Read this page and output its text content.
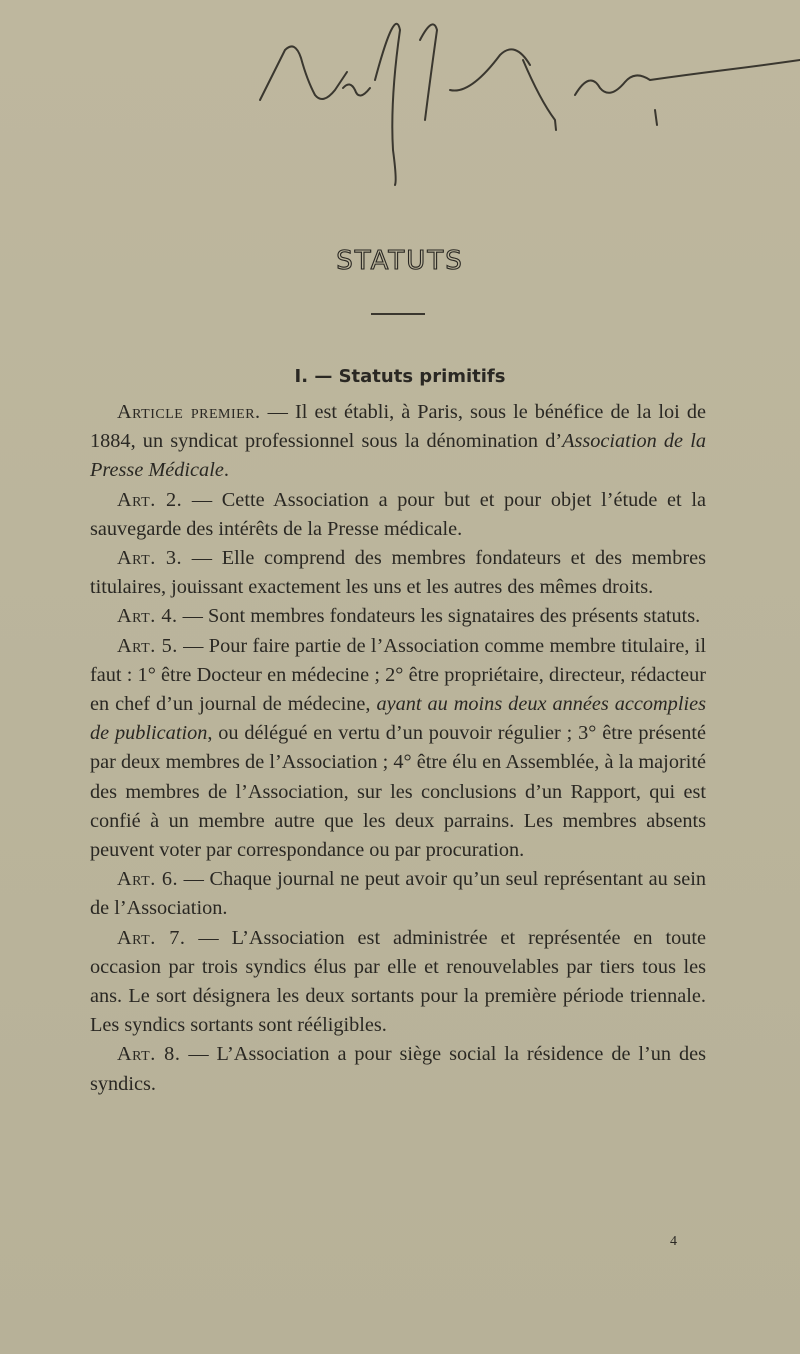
STATUTS
I. — Statuts primitifs

Article premier. — Il est établi, à Paris, sous le bénéfice de la loi de 1884, un syndicat professionnel sous la dénomination d’Association de la Presse Médicale.

Art. 2. — Cette Association a pour but et pour objet l’étude et la sauvegarde des intérêts de la Presse médicale.

Art. 3. — Elle comprend des membres fondateurs et des membres titulaires, jouissant exactement les uns et les autres des mêmes droits.

Art. 4. — Sont membres fondateurs les signataires des présents statuts.

Art. 5. — Pour faire partie de l’Association comme membre titulaire, il faut : 1° être Docteur en médecine ; 2° être propriétaire, directeur, rédacteur en chef d’un journal de médecine, ayant au moins deux années accomplies de publication, ou délégué en vertu d’un pouvoir régulier ; 3° être présenté par deux membres de l’Association ; 4° être élu en Assemblée, à la majorité des membres de l’Association, sur les conclusions d’un Rapport, qui est confié à un membre autre que les deux parrains. Les membres absents peuvent voter par correspondance ou par procuration.

Art. 6. — Chaque journal ne peut avoir qu’un seul représentant au sein de l’Association.

Art. 7. — L’Association est administrée et représentée en toute occasion par trois syndics élus par elle et renouvelables par tiers tous les ans. Le sort désignera les deux sortants pour la première période triennale. Les syndics sortants sont rééligibles.

Art. 8. — L’Association a pour siège social la résidence de l’un des syndics.

4
